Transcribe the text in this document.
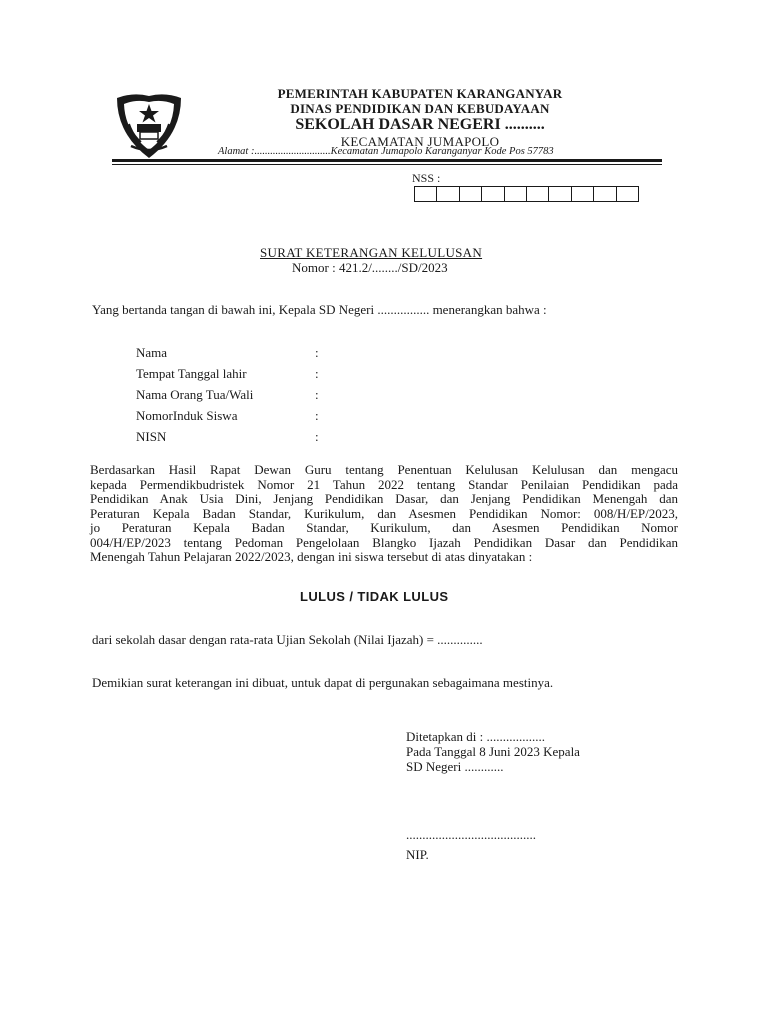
PEMERINTAH KABUPATEN KARANGANYAR
DINAS PENDIDIKAN DAN KEBUDAYAAN
SEKOLAH DASAR NEGERI ..........
KECAMATAN JUMAPOLO
Alamat :.............................Kecamatan Jumapolo Karanganyar Kode Pos 57783
NSS :
SURAT KETERANGAN KELULUSAN
Nomor : 421.2/......../SD/2023
Yang bertanda tangan di bawah ini, Kepala SD Negeri ................ menerangkan bahwa :
Nama	:
Tempat Tanggal lahir	:
Nama Orang Tua/Wali	:
NomorInduk Siswa	:
NISN	:
Berdasarkan Hasil Rapat Dewan Guru tentang Penentuan Kelulusan Kelulusan dan mengacu
kepada Permendikbudristek Nomor 21 Tahun 2022 tentang Standar Penilaian Pendidikan pada
Pendidikan Anak Usia Dini, Jenjang Pendidikan Dasar, dan Jenjang Pendidikan Menengah dan
Peraturan Kepala Badan Standar, Kurikulum, dan Asesmen Pendidikan Nomor: 008/H/EP/2023,
jo Peraturan Kepala Badan Standar, Kurikulum, dan Asesmen Pendidikan Nomor
004/H/EP/2023 tentang Pedoman Pengelolaan Blangko Ijazah Pendidikan Dasar dan Pendidikan
Menengah Tahun Pelajaran 2022/2023, dengan ini siswa tersebut di atas dinyatakan :
LULUS / TIDAK LULUS
dari sekolah dasar dengan rata-rata Ujian Sekolah (Nilai Ijazah) = ..............
Demikian surat keterangan ini dibuat, untuk dapat di pergunakan sebagaimana mestinya.
Ditetapkan di : ..................
Pada Tanggal 8 Juni 2023 Kepala
SD Negeri ............
........................................
NIP.
